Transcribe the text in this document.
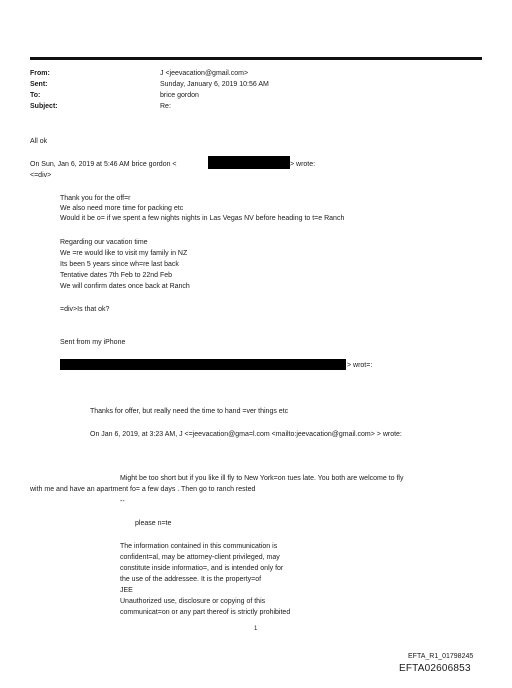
From:	J <jeevacation@gmail.com>
Sent:	Sunday, January 6, 2019 10:56 AM
To:	brice gordon
Subject:	Re:
All ok
On Sun, Jan 6, 2019 at 5:46 AM brice gordon <	> wrote:
<=div>
Thank you for the off=r
We also need more time for packing etc
Would it be o= if we spent a few nights nights in Las Vegas NV before heading to t=e Ranch
Regarding our vacation time
We =re would like to visit my family in NZ
Its been 5 years since wh=re last back
Tentative dates 7th Feb to 22nd Feb
We will confirm dates once back at Ranch
=div>Is that ok?
Sent from my iPhone
> wrot=:
Thanks for offer, but really need the time to hand =ver things etc
On Jan 6, 2019, at 3:23 AM, J <=jeevacation@gma=l.com <mailto:jeevacation@gmail.com> > wrote:
Might be too short but if you like ill fly to New York=on tues late. You both are welcome to fly
with me and have an apartment fo= a few days . Then go to ranch rested
--
please n=te
The information contained in this communication is
confident=al, may be attorney-client privileged, may
constitute inside informatio=, and is intended only for
the use of the addressee. It is the property=of
JEE
Unauthorized use, disclosure or copying of this
communicat=on or any part thereof is strictly prohibited
1
EFTA_R1_01798245
EFTA02606853
